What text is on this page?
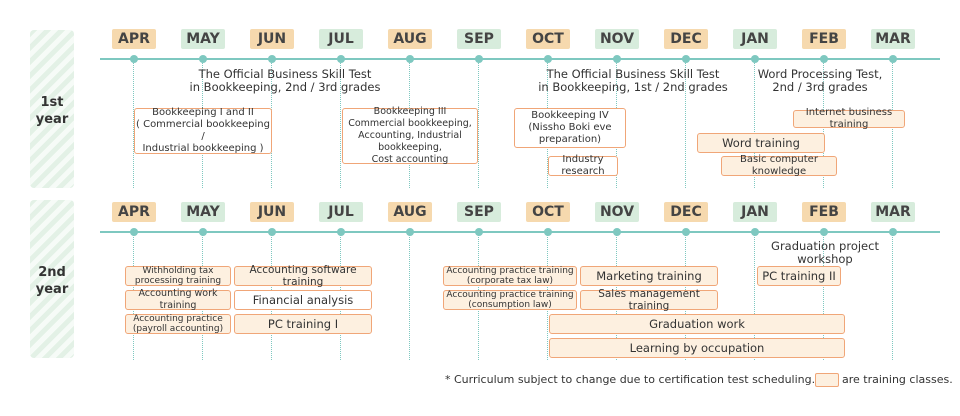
1st
year
2nd
year
APR	MAY	JUN	JUL	AUG	SEP	OCT	NOV	DEC	JAN	FEB	MAR
APR	MAY	JUN	JUL	AUG	SEP	OCT	NOV	DEC	JAN	FEB	MAR
The Official Business Skill Test
in Bookkeeping, 2nd / 3rd grades
The Official Business Skill Test
in Bookkeeping, 1st / 2nd grades
Word Processing Test,
2nd / 3rd grades
Bookkeeping I and II
( Commercial bookkeeping /
Industrial bookkeeping )
Bookkeeping III
Commercial bookkeeping,
Accounting, Industrial bookkeeping,
Cost accounting
Bookkeeping IV
(Nissho Boki eve preparation)
Industry research
Internet business training
Word training
Basic computer knowledge
Graduation project
workshop
Withholding tax
processing training
Accounting work training
Accounting practice
(payroll accounting)
Accounting software training
Financial analysis
PC training I
Accounting practice training
(corporate tax law)
Accounting practice training
(consumption law)
Marketing training
Sales management training
PC training II
Graduation work
Learning by occupation
* Curriculum subject to change due to certification test scheduling. are training classes.
